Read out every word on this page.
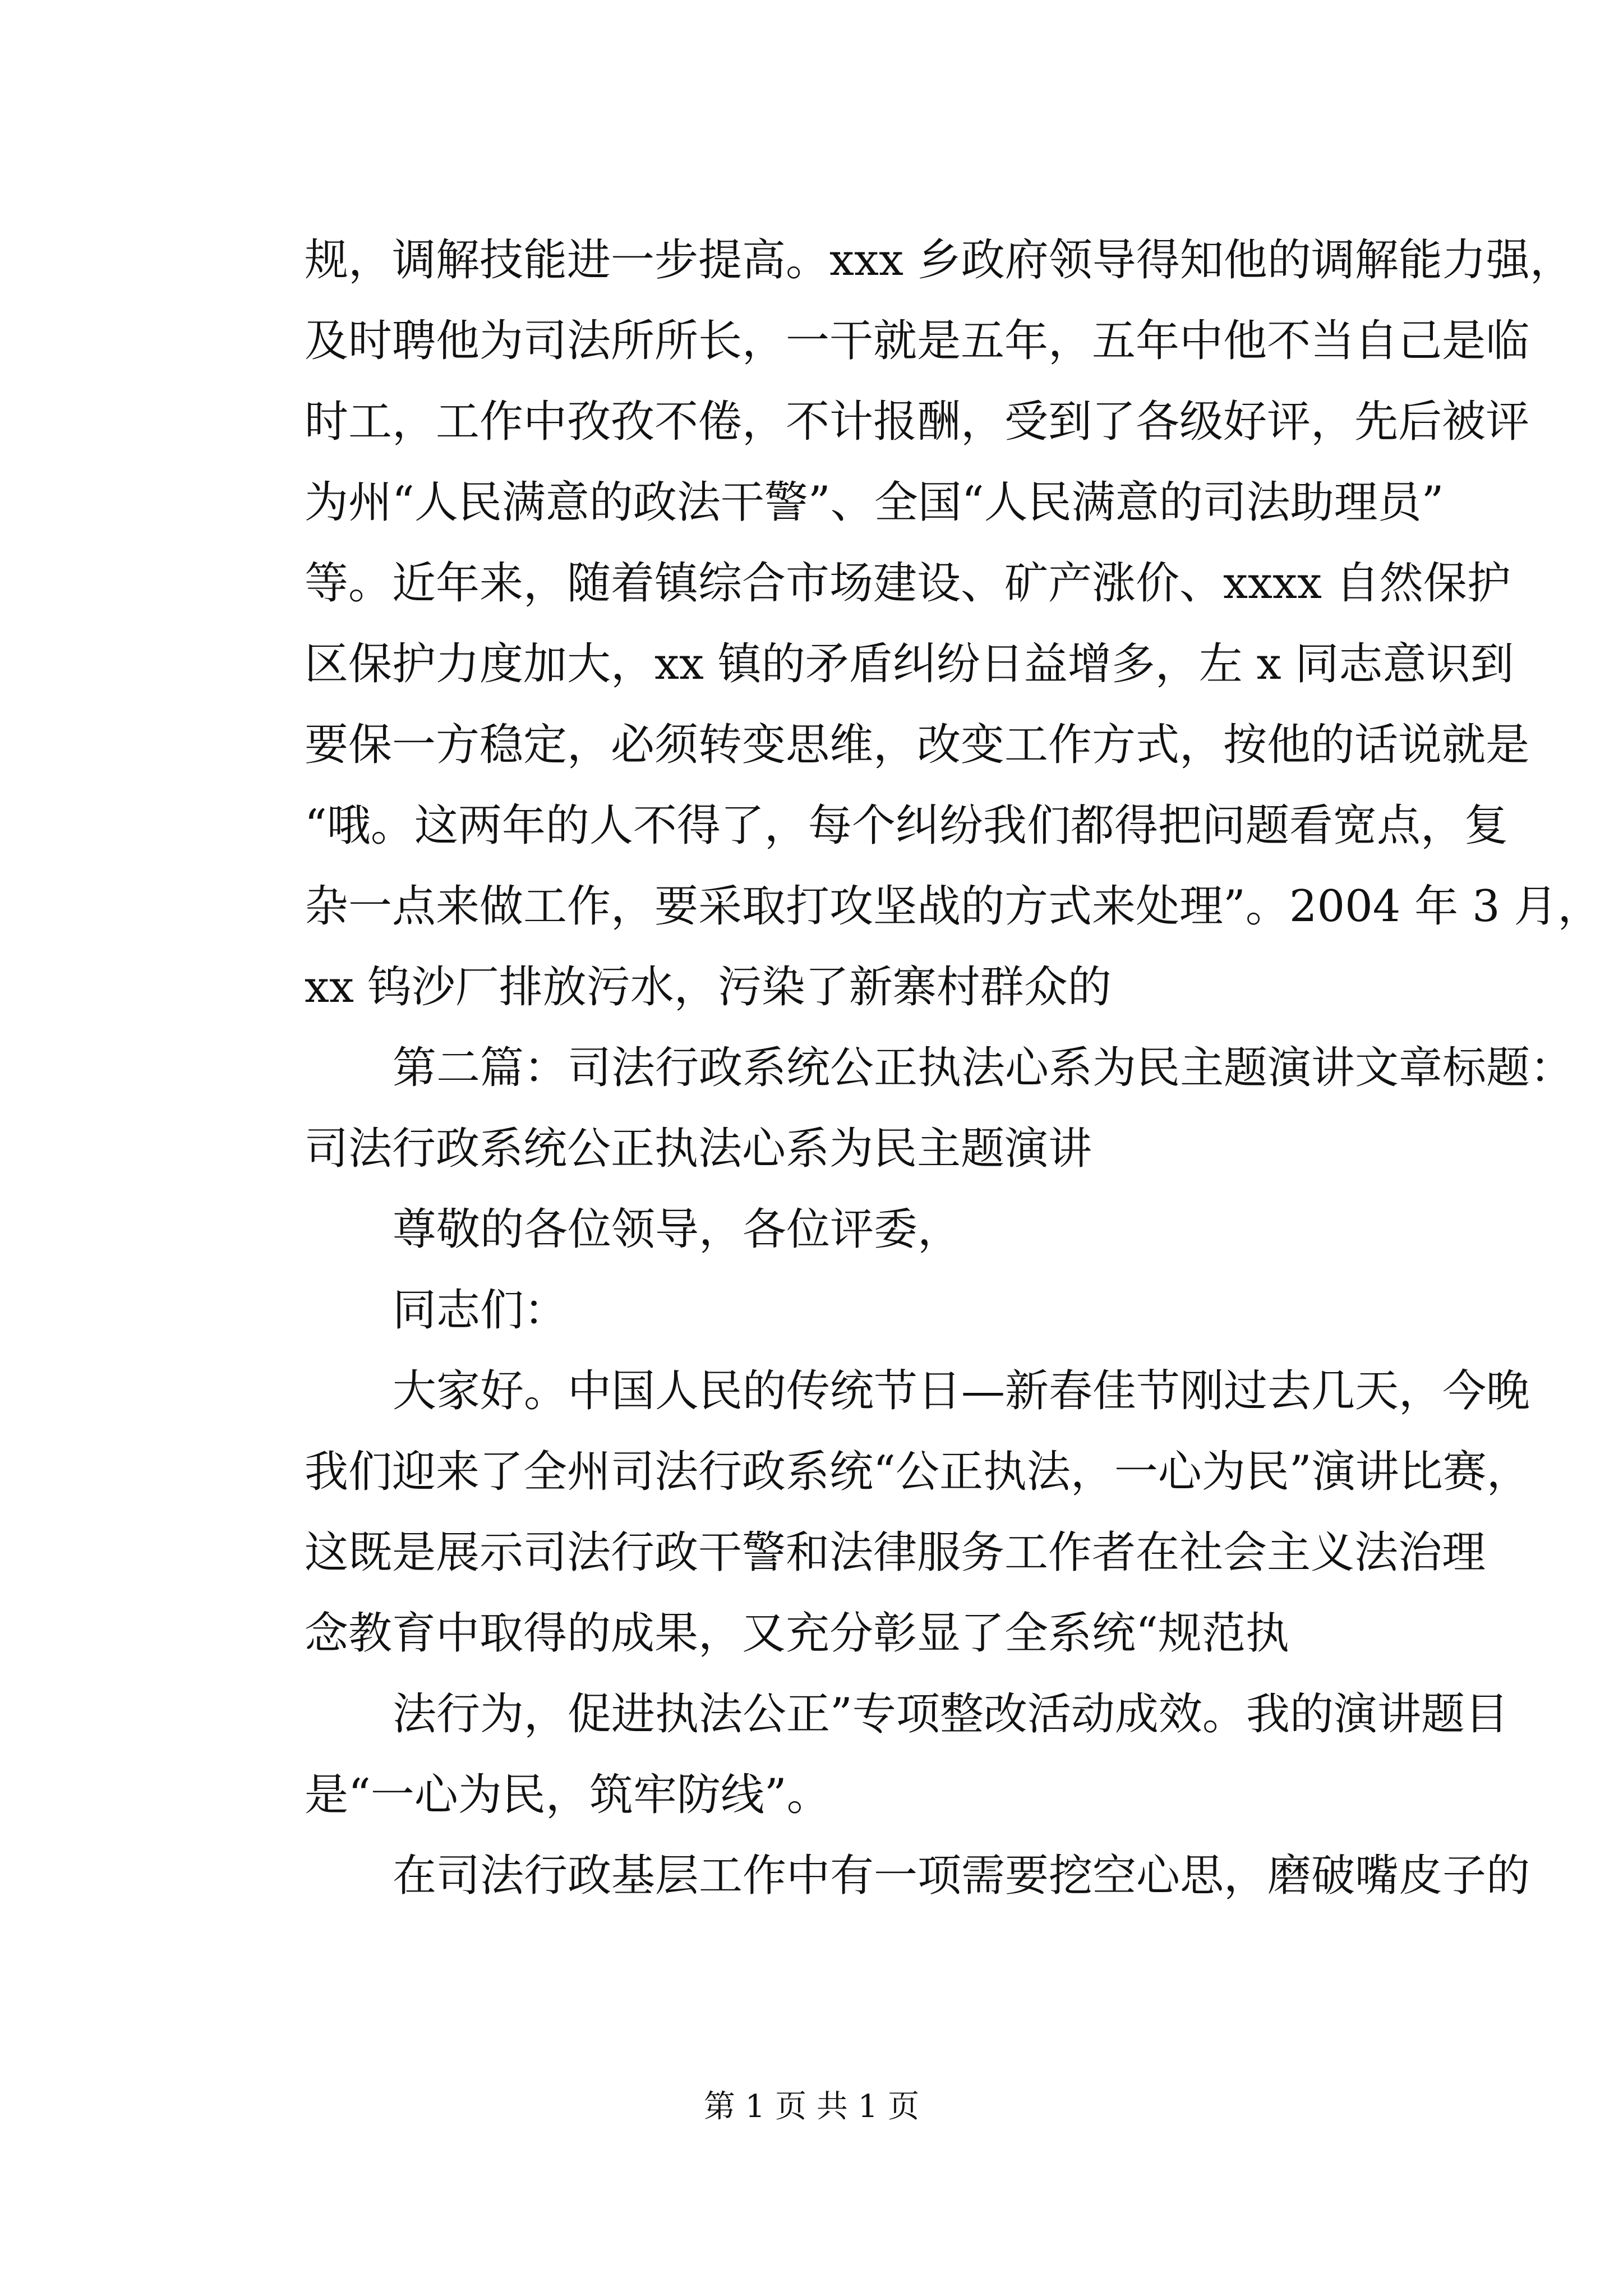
规，调解技能进一步提高。xxx 乡政府领导得知他的调解能力强，
及时聘他为司法所所长，一干就是五年，五年中他不当自己是临
时工，工作中孜孜不倦，不计报酬，受到了各级好评，先后被评
为州“人民满意的政法干警”、全国“人民满意的司法助理员”
等。近年来，随着镇综合市场建设、矿产涨价、xxxx 自然保护
区保护力度加大，xx 镇的矛盾纠纷日益增多，左 x 同志意识到
要保一方稳定，必须转变思维，改变工作方式，按他的话说就是
“哦。这两年的人不得了，每个纠纷我们都得把问题看宽点，复
杂一点来做工作，要采取打攻坚战的方式来处理”。2004 年 3 月，
xx 钨沙厂排放污水，污染了新寨村群众的
第二篇：司法行政系统公正执法心系为民主题演讲文章标题：
司法行政系统公正执法心系为民主题演讲
尊敬的各位领导，各位评委，
同志们：
大家好。中国人民的传统节日—新春佳节刚过去几天，今晚
我们迎来了全州司法行政系统“公正执法，一心为民”演讲比赛，
这既是展示司法行政干警和法律服务工作者在社会主义法治理
念教育中取得的成果，又充分彰显了全系统“规范执
法行为，促进执法公正”专项整改活动成效。我的演讲题目
是“一心为民，筑牢防线”。
在司法行政基层工作中有一项需要挖空心思，磨破嘴皮子的
第 1 页 共 1 页
